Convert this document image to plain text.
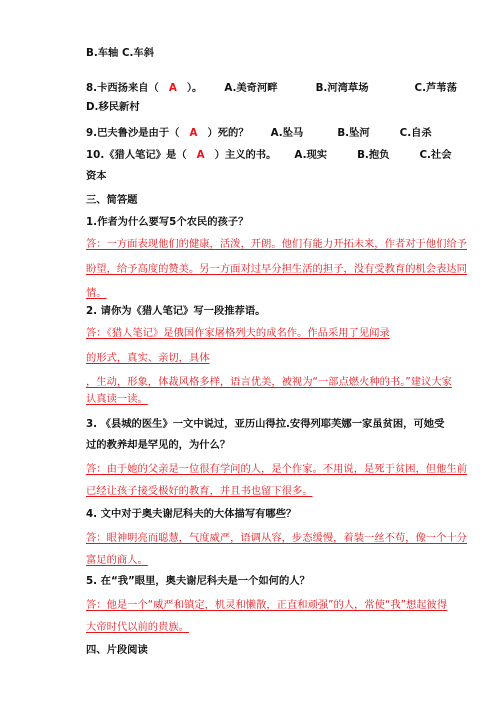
B.车轴 C.车斜
8.卡西扬来自（ A ）。 A.美奇河畔	B.河湾草场	C.芦苇荡
D.移民新村
9.巴夫鲁沙是由于（ A ）死的？ A.坠马	B.坠河	C.自杀
10.《猎人笔记》是（ A ）主义的书。 A.现实	B.抱负	C.社会
资本
三、简答题
1.作者为什么要写5个农民的孩子？
答：一方面表现他们的健康，活泼，开朗。他们有能力开拓未来，作者对于他们给予
盼望，给予高度的赞美。另一方面对过早分担生活的担子，没有受教育的机会表达同
情。
2. 请你为《猎人笔记》写一段推荐语。
答：《猎人笔记》是俄国作家屠格列夫的成名作。作品采用了见闻录
的形式，真实、亲切，具体
，生动，形象，体裁风格多样，语言优美，被视为“一部点燃火种的书。”建议大家
认真读一读。
3. 《县城的医生》一文中说过，亚历山得拉.安得列耶芙娜一家虽贫困，可她受
过的教养却是罕见的，为什么？
答：由于她的父亲是一位很有学问的人，是个作家。不用说，是死于贫困，但他生前
已经让孩子接受极好的教育，并且书也留下很多。
4. 文中对于奥夫谢尼科夫的大体描写有哪些？
答：眼神明亮而聪慧，气度威严，语调从容，步态缓慢，着装一丝不苟，像一个十分
富足的商人。
5. 在“我”眼里，奥夫谢尼科夫是一个如何的人？
答：他是一个“威严和镇定，机灵和懒散，正直和顽强”的人，常使“我”想起彼得
大帝时代以前的贵族。
四、片段阅读
